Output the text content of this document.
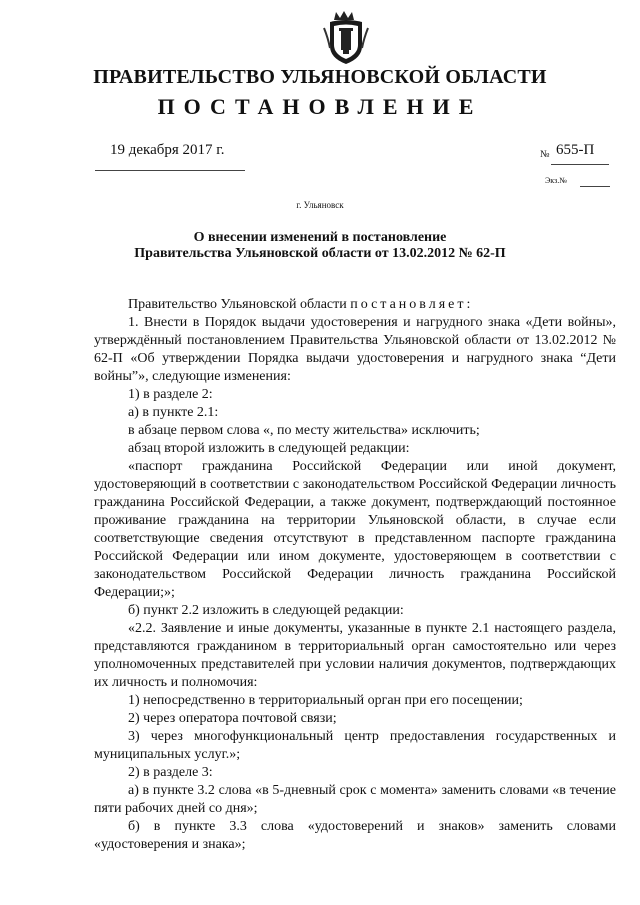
ПРАВИТЕЛЬСТВО УЛЬЯНОВСКОЙ ОБЛАСТИ
ПОСТАНОВЛЕНИЕ
19 декабря 2017 г.	№ 655-П
Экз.№
г. Ульяновск
О внесении изменений в постановление
Правительства Ульяновской области от 13.02.2012 № 62-П

Правительство Ульяновской области постановляет:

1. Внести в Порядок выдачи удостоверения и нагрудного знака «Дети войны», утверждённый постановлением Правительства Ульяновской области от 13.02.2012 № 62-П «Об утверждении Порядка выдачи удостоверения и нагрудного знака “Дети войны”», следующие изменения:

1) в разделе 2:

а) в пункте 2.1:

в абзаце первом слова «, по месту жительства» исключить;

абзац второй изложить в следующей редакции:

«паспорт гражданина Российской Федерации или иной документ, удостоверяющий в соответствии с законодательством Российской Федерации личность гражданина Российской Федерации, а также документ, подтверждающий постоянное проживание гражданина на территории Ульяновской области, в случае если соответствующие сведения отсутствуют в представленном паспорте гражданина Российской Федерации или ином документе, удостоверяющем в соответствии с законодательством Российской Федерации личность гражданина Российской Федерации;»;

б) пункт 2.2 изложить в следующей редакции:

«2.2. Заявление и иные документы, указанные в пункте 2.1 настоящего раздела, представляются гражданином в территориальный орган самостоятельно или через уполномоченных представителей при условии наличия документов, подтверждающих их личность и полномочия:

1) непосредственно в территориальный орган при его посещении;

2) через оператора почтовой связи;

3) через многофункциональный центр предоставления государственных и муниципальных услуг.»;

2) в разделе 3:

а) в пункте 3.2 слова «в 5-дневный срок с момента» заменить словами «в течение пяти рабочих дней со дня»;

б) в пункте 3.3 слова «удостоверений и знаков» заменить словами «удостоверения и знака»;
